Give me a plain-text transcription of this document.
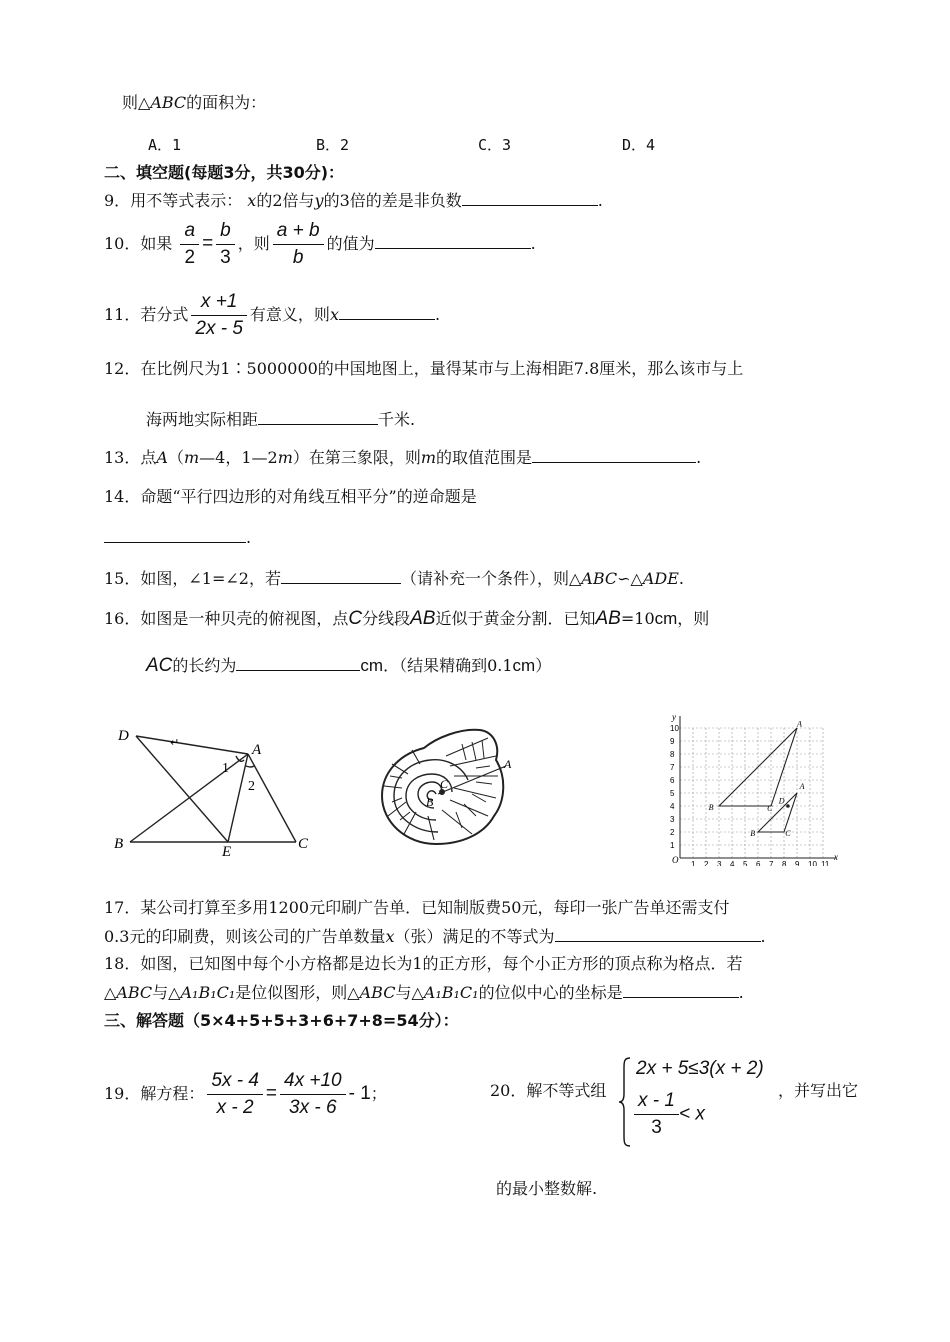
则△ABC的面积为：
A．1	B．2	C．3	D．4
二、填空题(每题3分，共30分)：
9．用不等式表示： x的2倍与y的3倍的差是非负数	.
10．如果 $\frac{a}{2} = \frac{b}{3}$ ，则 $\frac{a + b}{b}$ 的值为	.
11．若分式 $\frac{x +1}{2x - 5}$ 有意义，则x	.
12．在比例尺为1∶5000000的中国地图上，量得某市与上海相距7.8厘米，那么该市与上
海两地实际相距	千米.
13．点A（m—4，1—2m）在第三象限，则m的取值范围是	.
14．命题“平行四边形的对角线互相平分”的逆命题是
.
15．如图，∠1=∠2，若	（请补充一个条件），则△ABC∽△ADE.
16．如图是一种贝壳的俯视图，点C分线段AB近似于黄金分割．已知AB=10cm，则
AC的长约为	cm．（结果精确到0.1cm）
D	↵	A
1
2
B	E	C
A
C
B
y
x
O
1
2
3
4
5
6
7
8
9
10
1 2 3 4 5 6 7 8 9 10 11
A
B	C
D
A
B	C
17．某公司打算至多用1200元印刷广告单．已知制版费50元，每印一张广告单还需支付
0.3元的印刷费，则该公司的广告单数量x（张）满足的不等式为	.
18．如图，已知图中每个小方格都是边长为1的正方形，每个小正方形的顶点称为格点．若
△ABC与△A₁B₁C₁是位似图形，则△ABC与△A₁B₁C₁的位似中心的坐标是	.
三、解答题（5×4+5+5+3+6+7+8=54分）：
19．解方程： $\frac{5x - 4}{x - 2} = \frac{4x +10}{3x - 6} - 1$；	20．解不等式组
2x + 5≤3(x + 2)
$\frac{x - 1}{3} < x$
，并写出它
的最小整数解.
